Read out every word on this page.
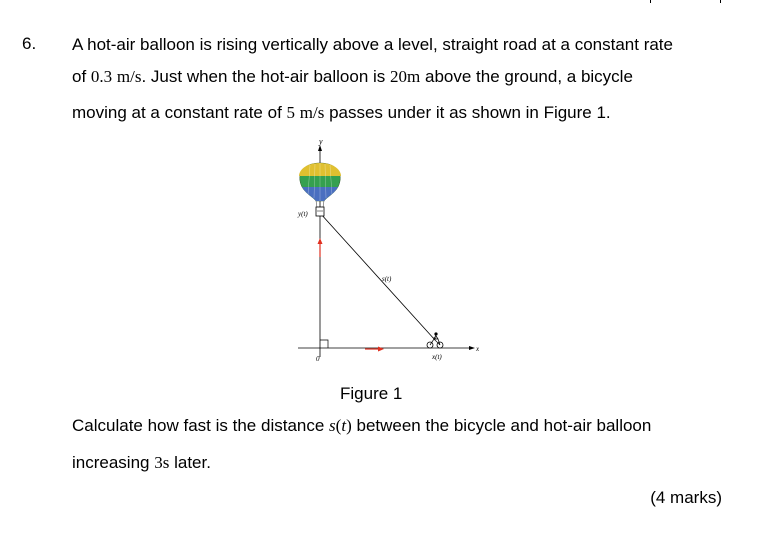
6. A hot-air balloon is rising vertically above a level, straight road at a constant rate
of 0.3 m/s. Just when the hot-air balloon is 20m above the ground, a bicycle
moving at a constant rate of 5 m/s passes under it as shown in Figure 1.
y
x
0
s(t)
y(t)
x(t)
Figure 1
Calculate how fast is the distance s(t) between the bicycle and hot-air balloon
increasing 3s later.
(4 marks)
